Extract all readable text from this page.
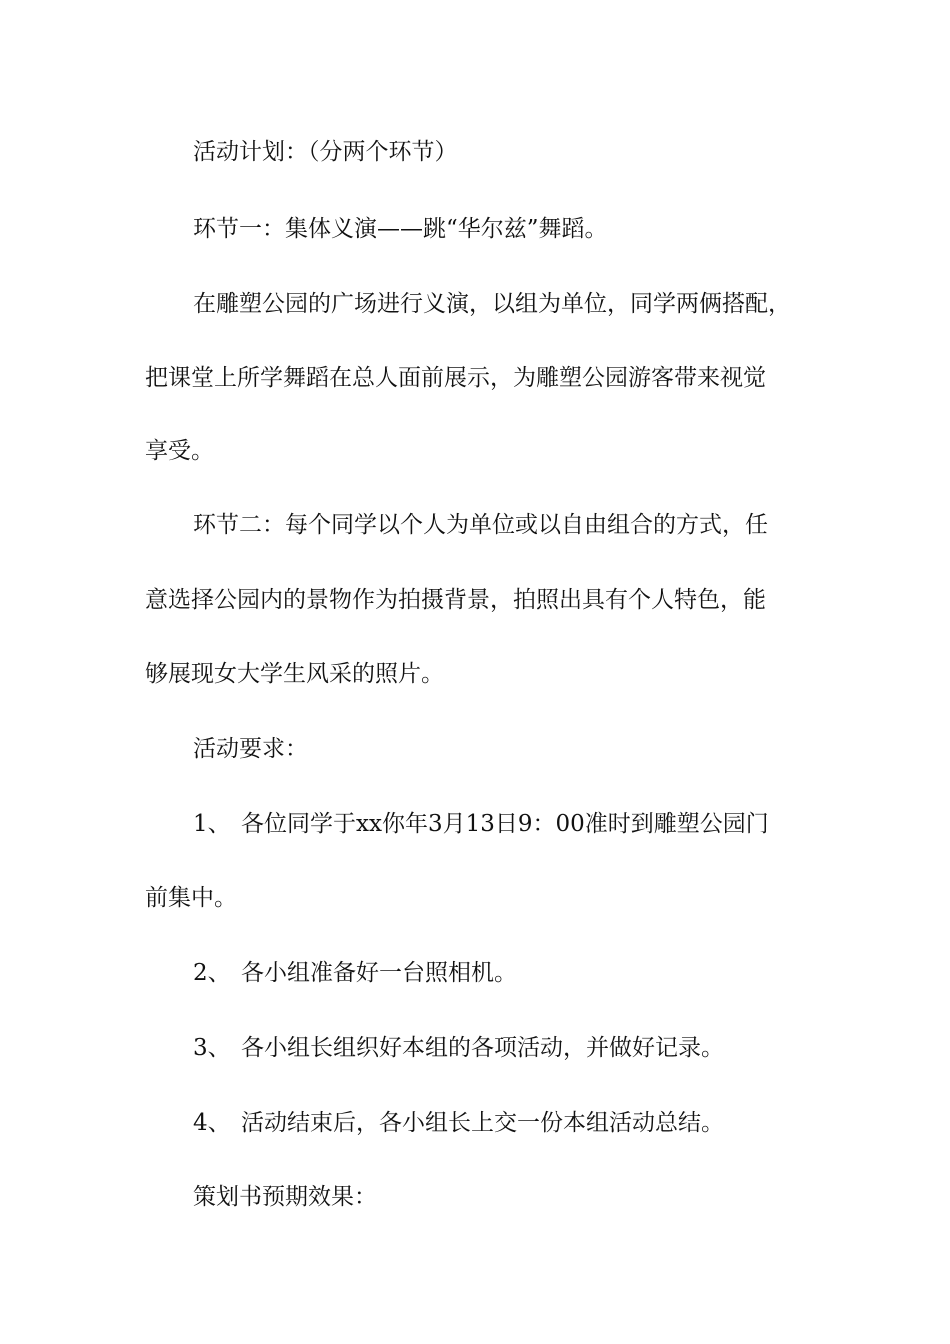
活动计划：（分两个环节）
环节一：集体义演——跳“华尔兹”舞蹈。
在雕塑公园的广场进行义演，以组为单位，同学两俩搭配，
把课堂上所学舞蹈在总人面前展示，为雕塑公园游客带来视觉
享受。
环节二：每个同学以个人为单位或以自由组合的方式，任
意选择公园内的景物作为拍摄背景，拍照出具有个人特色，能
够展现女大学生风采的照片。
活动要求：
1、 各位同学于xx你年3月13日9：00准时到雕塑公园门
前集中。
2、 各小组准备好一台照相机。
3、 各小组长组织好本组的各项活动，并做好记录。
4、 活动结束后，各小组长上交一份本组活动总结。
策划书预期效果：
